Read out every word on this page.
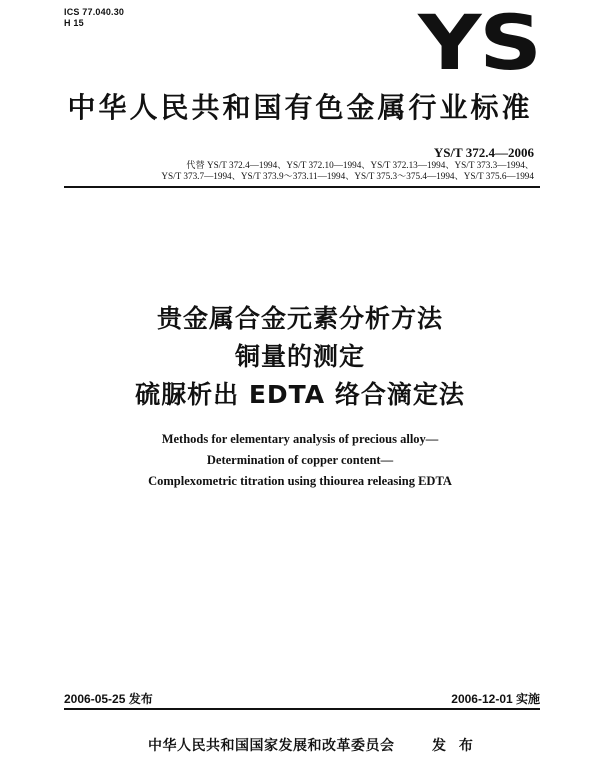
ICS 77.040.30
H 15	YS
中华人民共和国有色金属行业标准
YS/T 372.4—2006
代替 YS/T 372.4—1994、YS/T 372.10—1994、YS/T 372.13—1994、YS/T 373.3—1994、
YS/T 373.7—1994、YS/T 373.9～373.11—1994、YS/T 375.3～375.4—1994、YS/T 375.6—1994
贵金属合金元素分析方法
铜量的测定
硫脲析出 EDTA 络合滴定法
Methods for elementary analysis of precious alloy—
Determination of copper content—
Complexometric titration using thiourea releasing EDTA
2006-05-25 发布	2006-12-01 实施
中华人民共和国国家发展和改革委员会	发 布
